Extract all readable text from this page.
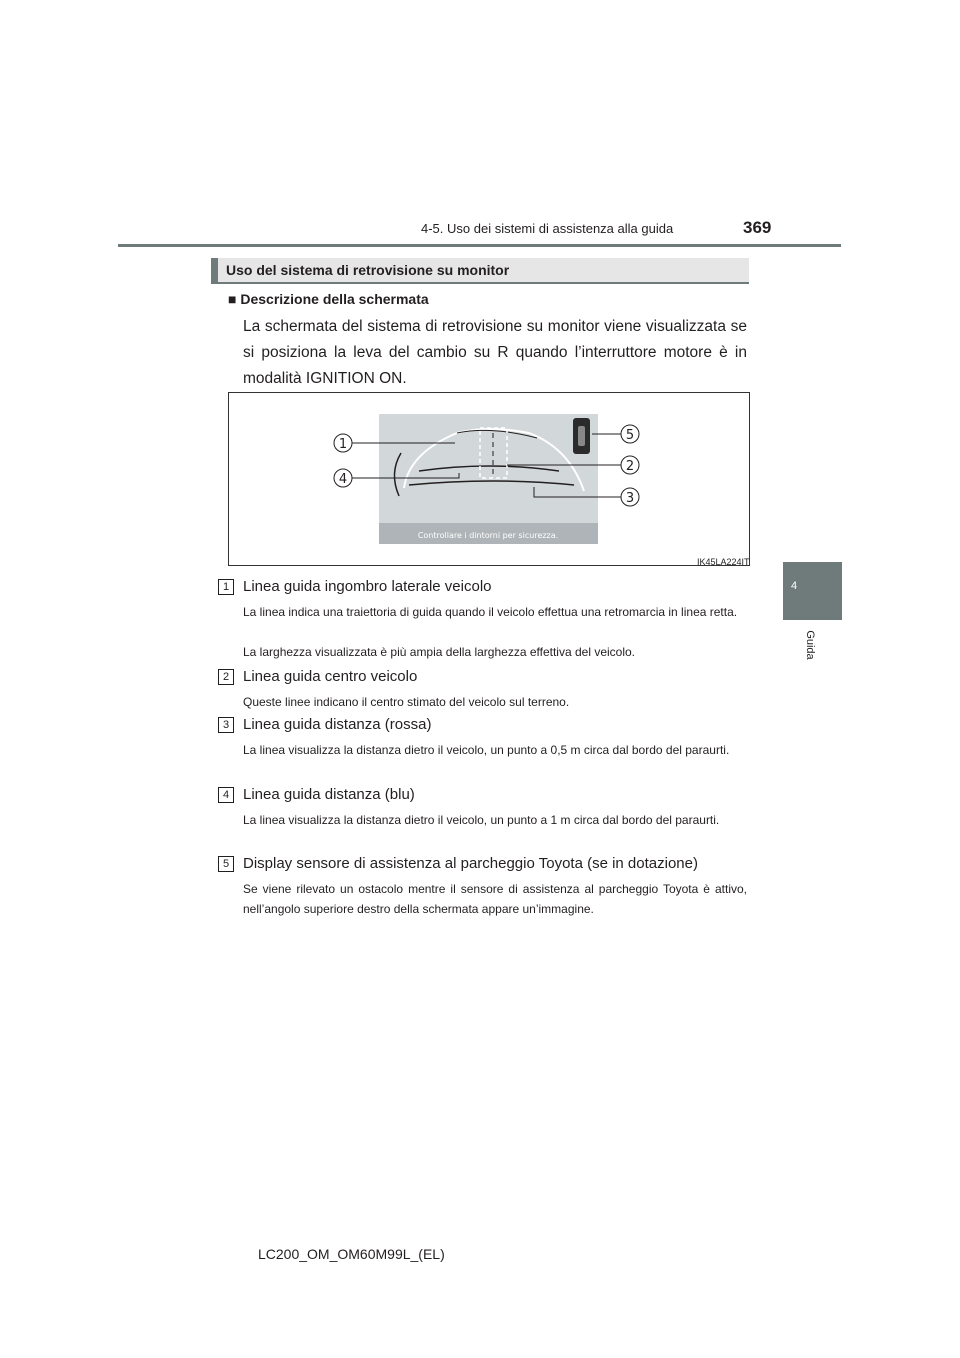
4-5. Uso dei sistemi di assistenza alla guida	369
4
Guida
Uso del sistema di retrovisione su monitor
■ Descrizione della schermata
La schermata del sistema di retrovisione su monitor viene visualizzata se si posiziona la leva del cambio su R quando l’interruttore motore è in modalità IGNITION ON.
Controllare i dintorni per sicurezza.
1
4
5
2
3
IK45LA224IT
1 Linea guida ingombro laterale veicolo
La linea indica una traiettoria di guida quando il veicolo effettua una retromarcia in linea retta.
La larghezza visualizzata è più ampia della larghezza effettiva del veicolo.
2 Linea guida centro veicolo
Queste linee indicano il centro stimato del veicolo sul terreno.
3 Linea guida distanza (rossa)
La linea visualizza la distanza dietro il veicolo, un punto a 0,5 m circa dal bordo del paraurti.
4 Linea guida distanza (blu)
La linea visualizza la distanza dietro il veicolo, un punto a 1 m circa dal bordo del paraurti.
5 Display sensore di assistenza al parcheggio Toyota (se in dotazione)
Se viene rilevato un ostacolo mentre il sensore di assistenza al parcheggio Toyota è attivo, nell’angolo superiore destro della schermata appare un’immagine.
LC200_OM_OM60M99L_(EL)
